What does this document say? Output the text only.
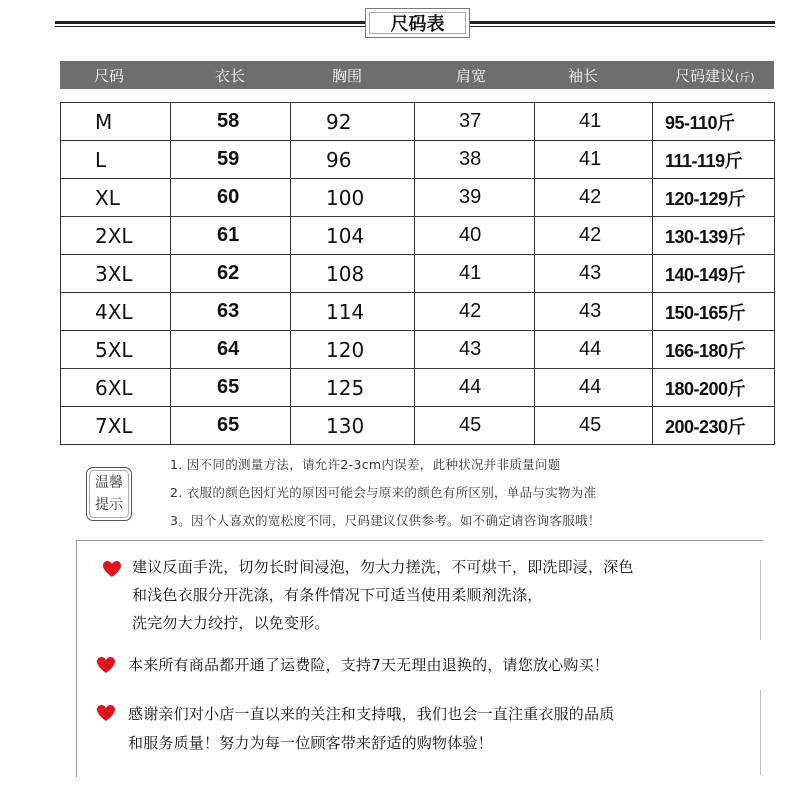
尺码表
尺码	衣长	胸围	肩宽	袖长	尺码建议(斤)
M	58	92	37	41	95-110斤
L	59	96	38	41	111-119斤
XL	60	100	39	42	120-129斤
2XL	61	104	40	42	130-139斤
3XL	62	108	41	43	140-149斤
4XL	63	114	42	43	150-165斤
5XL	64	120	43	44	166-180斤
6XL	65	125	44	44	180-200斤
7XL	65	130	45	45	200-230斤
温馨
提示
1. 因不同的测量方法，请允许2-3cm内误差，此种状况并非质量问题
2. 衣服的颜色因灯光的原因可能会与原来的颜色有所区别，单品与实物为准
3。因个人喜欢的宽松度不同，尺码建议仅供参考。如不确定请咨询客服哦！
建议反面手洗，切勿长时间浸泡，勿大力搓洗，不可烘干，即洗即浸，深色
和浅色衣服分开洗涤，有条件情况下可适当使用柔顺剂洗涤，
洗完勿大力绞拧，以免变形。
本来所有商品都开通了运费险，支持7天无理由退换的，请您放心购买！
感谢亲们对小店一直以来的关注和支持哦，我们也会一直注重衣服的品质
和服务质量！努力为每一位顾客带来舒适的购物体验！
